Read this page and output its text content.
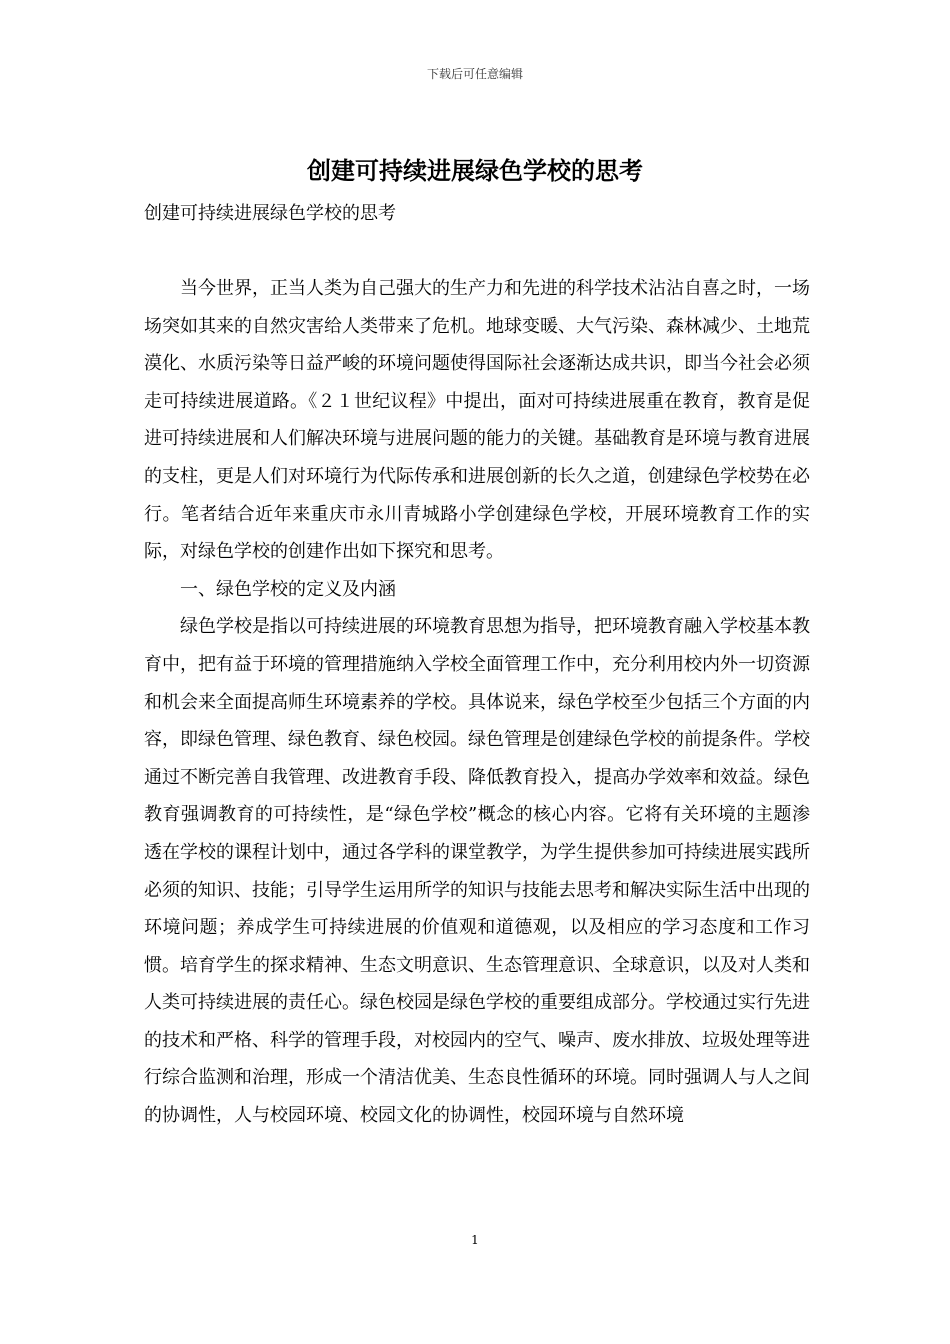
下载后可任意编辑
创建可持续进展绿色学校的思考

创建可持续进展绿色学校的思考

当今世界，正当人类为自己强大的生产力和先进的科学技术沾沾自喜之时，一场场突如其来的自然灾害给人类带来了危机。地球变暖、大气污染、森林减少、土地荒漠化、水质污染等日益严峻的环境问题使得国际社会逐渐达成共识，即当今社会必须走可持续进展道路。《２１世纪议程》中提出，面对可持续进展重在教育，教育是促进可持续进展和人们解决环境与进展问题的能力的关键。基础教育是环境与教育进展的支柱，更是人们对环境行为代际传承和进展创新的长久之道，创建绿色学校势在必行。笔者结合近年来重庆市永川青城路小学创建绿色学校，开展环境教育工作的实际，对绿色学校的创建作出如下探究和思考。

一、绿色学校的定义及内涵

绿色学校是指以可持续进展的环境教育思想为指导，把环境教育融入学校基本教育中，把有益于环境的管理措施纳入学校全面管理工作中，充分利用校内外一切资源和机会来全面提高师生环境素养的学校。具体说来，绿色学校至少包括三个方面的内容，即绿色管理、绿色教育、绿色校园。绿色管理是创建绿色学校的前提条件。学校通过不断完善自我管理、改进教育手段、降低教育投入，提高办学效率和效益。绿色教育强调教育的可持续性，是“绿色学校”概念的核心内容。它将有关环境的主题渗透在学校的课程计划中，通过各学科的课堂教学，为学生提供参加可持续进展实践所必须的知识、技能；引导学生运用所学的知识与技能去思考和解决实际生活中出现的环境问题；养成学生可持续进展的价值观和道德观，以及相应的学习态度和工作习惯。培育学生的探求精神、生态文明意识、生态管理意识、全球意识，以及对人类和人类可持续进展的责任心。绿色校园是绿色学校的重要组成部分。学校通过实行先进的技术和严格、科学的管理手段，对校园内的空气、噪声、废水排放、垃圾处理等进行综合监测和治理，形成一个清洁优美、生态良性循环的环境。同时强调人与人之间的协调性，人与校园环境、校园文化的协调性，校园环境与自然环境

1
